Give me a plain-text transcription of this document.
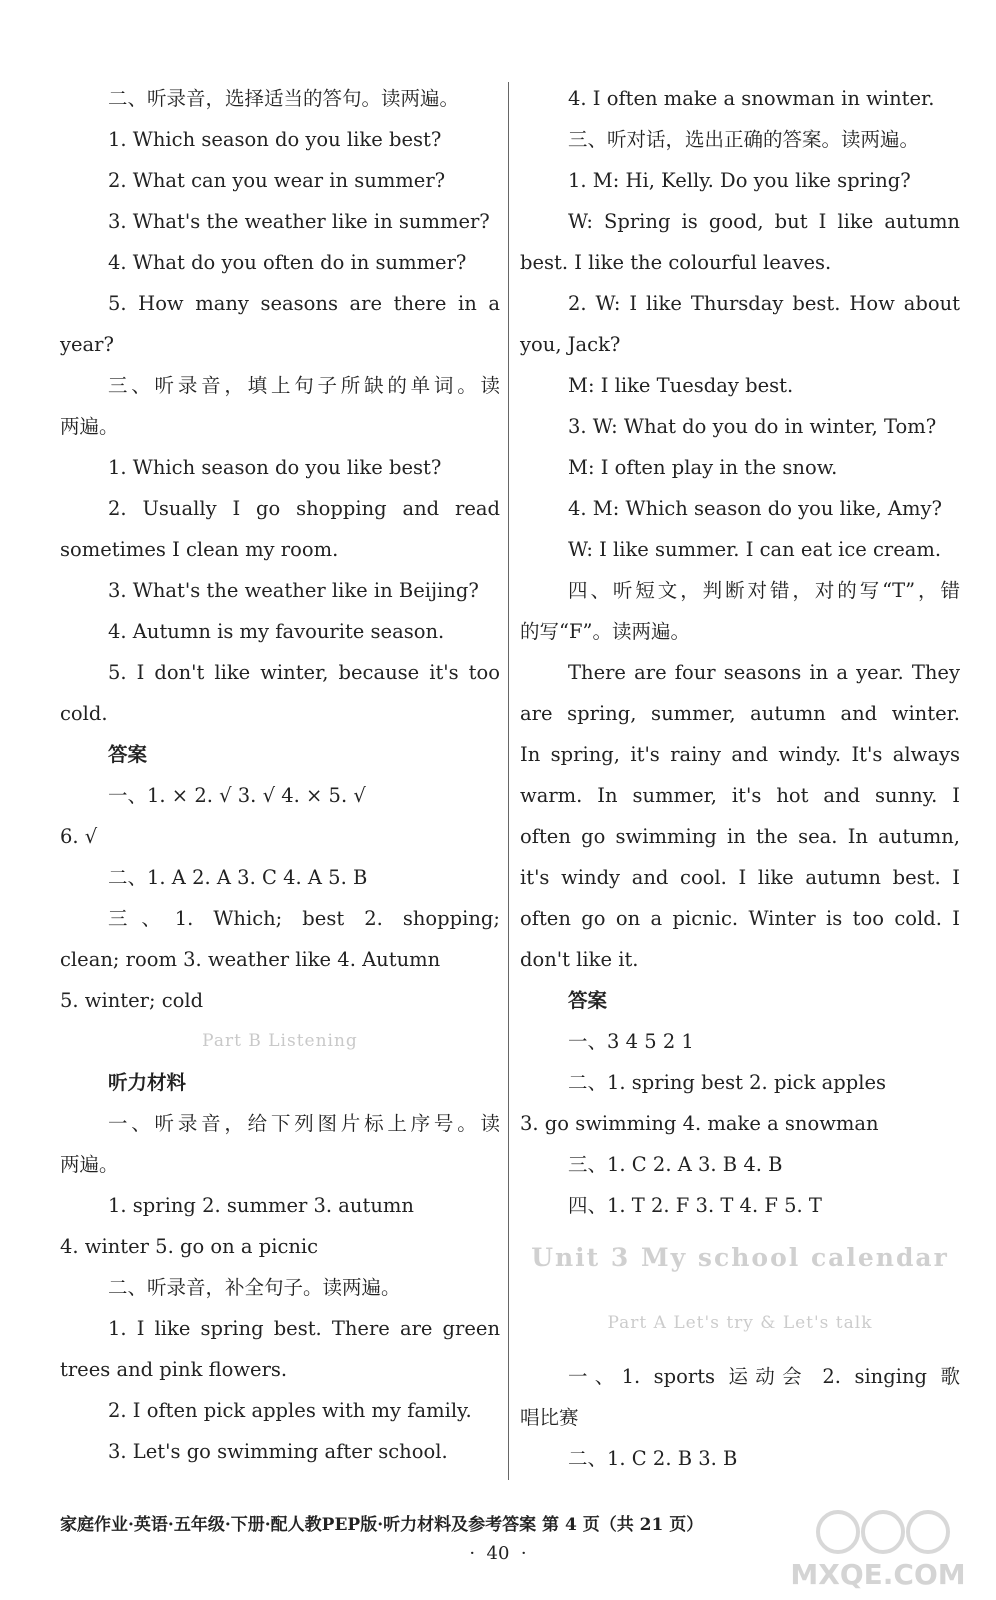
二、听录音，选择适当的答句。读两遍。
1. Which season do you like best?
2. What can you wear in summer?
3. What's the weather like in summer?
4. What do you often do in summer?
5. How many seasons are there in a
year?
三、听录音，填上句子所缺的单词。读
两遍。
1. Which season do you like best?
2. Usually I go shopping and read
sometimes I clean my room.
3. What's the weather like in Beijing?
4. Autumn is my favourite season.
5. I don't like winter, because it's too
cold.
答案
一、1. × 2. √ 3. √ 4. × 5. √
6. √
二、1. A 2. A 3. C 4. A 5. B
三、1. Which; best 2. shopping;
clean; room 3. weather like 4. Autumn
5. winter; cold
Part B Listening
听力材料
一、听录音，给下列图片标上序号。读
两遍。
1. spring 2. summer 3. autumn
4. winter 5. go on a picnic
二、听录音，补全句子。读两遍。
1. I like spring best. There are green
trees and pink flowers.
2. I often pick apples with my family.
3. Let's go swimming after school.
4. I often make a snowman in winter.
三、听对话，选出正确的答案。读两遍。
1. M: Hi, Kelly. Do you like spring?
W: Spring is good, but I like autumn
best. I like the colourful leaves.
2. W: I like Thursday best. How about
you, Jack?
M: I like Tuesday best.
3. W: What do you do in winter, Tom?
M: I often play in the snow.
4. M: Which season do you like, Amy?
W: I like summer. I can eat ice cream.
四、听短文，判断对错，对的写“T”，错
的写“F”。读两遍。
There are four seasons in a year. They
are spring, summer, autumn and winter.
In spring, it's rainy and windy. It's always
warm. In summer, it's hot and sunny. I
often go swimming in the sea. In autumn,
it's windy and cool. I like autumn best. I
often go on a picnic. Winter is too cold. I
don't like it.
答案
一、3 4 5 2 1
二、1. spring best 2. pick apples
3. go swimming 4. make a snowman
三、1. C 2. A 3. B 4. B
四、1. T 2. F 3. T 4. F 5. T
Unit 3 My school calendar
Part A Let's try & Let's talk
一、1. sports 运动会 2. singing 歌
唱比赛
二、1. C 2. B 3. B
家庭作业·英语·五年级·下册·配人教PEP版·听力材料及参考答案 第 4 页（共 21 页）
·  40  ·
MXQE.COM
